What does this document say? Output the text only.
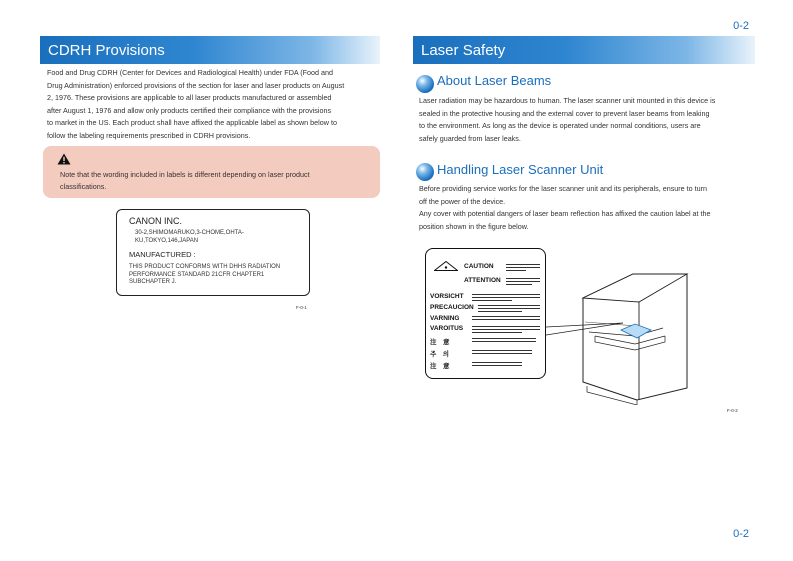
0-2
CDRH Provisions
Food and Drug CDRH (Center for Devices and Radiological Health) under FDA (Food and
Drug Administration) enforced provisions of the section for laser and laser products on August
2, 1976. These provisions are applicable to all laser products manufactured or assembled
after August 1, 1976 and allow only products certified their compliance with the provisions
to market in the US. Each product shall have affixed the applicable label as shown below to
follow the labeling requirements prescribed in CDRH provisions.
Note that the wording included in labels is different depending on laser product
classifications.
CANON INC.
30-2,SHIMOMARUKO,3-CHOME,OHTA-KU,TOKYO,146,JAPAN
MANUFACTURED :
THIS PRODUCT CONFORMS WITH DHHS RADIATION PERFORMANCE STANDARD 21CFR CHAPTER1 SUBCHAPTER J.
F-0-1
Laser Safety
About Laser Beams
Laser radiation may be hazardous to human. The laser scanner unit mounted in this device is
sealed in the protective housing and the external cover to prevent laser beams from leaking
to the environment. As long as the device is operated under normal conditions, users are
safely guarded from laser leaks.
Handling Laser Scanner Unit
Before providing service works for the laser scanner unit and its peripherals, ensure to turn
off the power of the device.
Any cover with potential dangers of laser beam reflection has affixed the caution label at the
position shown in the figure below.
CAUTION
ATTENTION
VORSICHT
PRECAUCION
VARNING
VAROITUS
注　意
주　의
注　意
F-0-2
0-2
